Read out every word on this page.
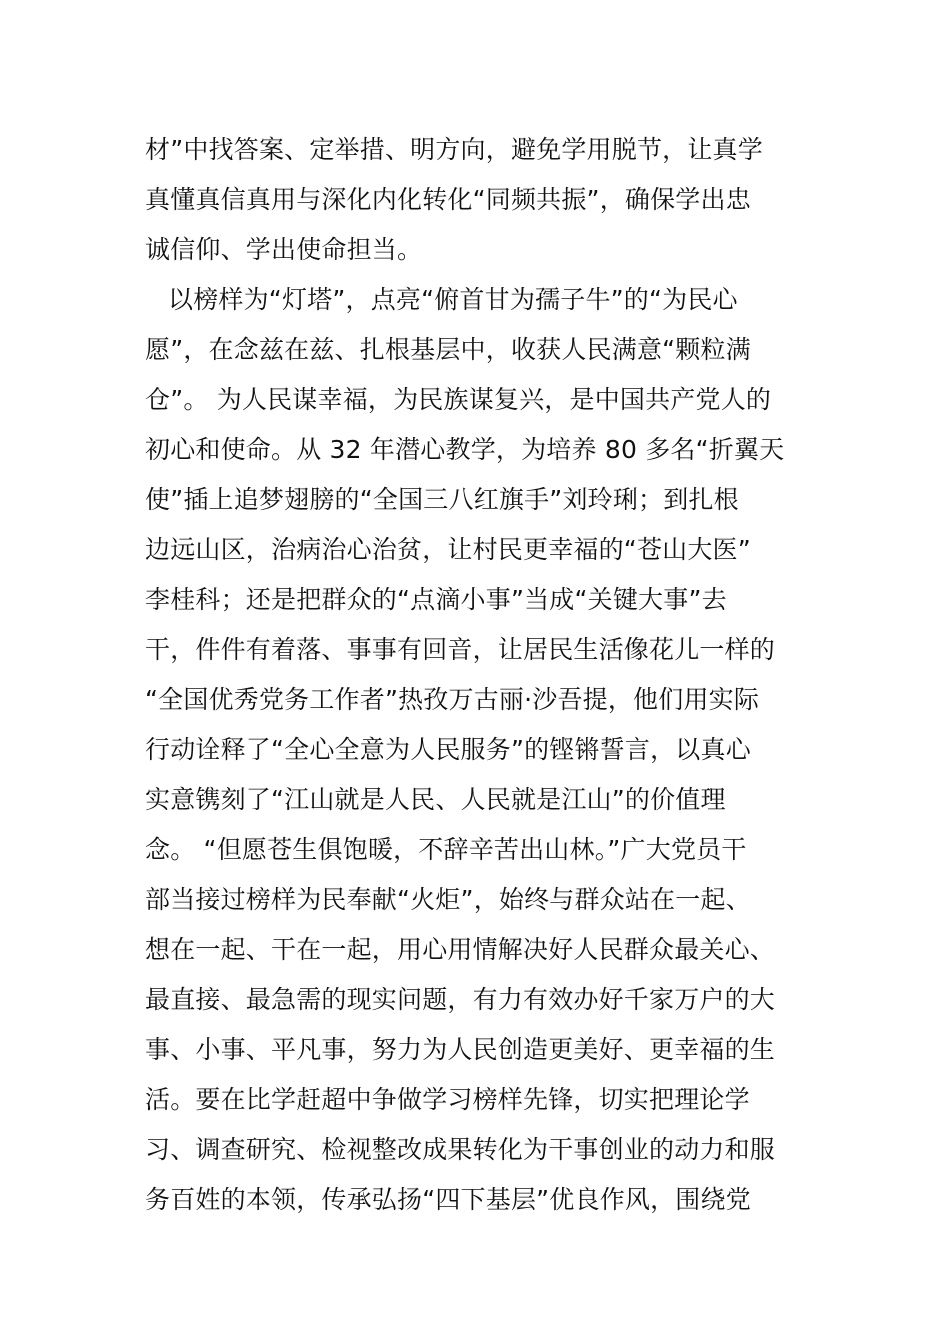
材”中找答案、定举措、明方向，避免学用脱节，让真学
真懂真信真用与深化内化转化“同频共振”，确保学出忠
诚信仰、学出使命担当。
以榜样为“灯塔”，点亮“俯首甘为孺子牛”的“为民心
愿”，在念兹在兹、扎根基层中，收获人民满意“颗粒满
仓”。 为人民谋幸福，为民族谋复兴，是中国共产党人的
初心和使命。从 32 年潜心教学，为培养 80 多名“折翼天
使”插上追梦翅膀的“全国三八红旗手”刘玲琍；到扎根
边远山区，治病治心治贫，让村民更幸福的“苍山大医”
李桂科；还是把群众的“点滴小事”当成“关键大事”去
干，件件有着落、事事有回音，让居民生活像花儿一样的
“全国优秀党务工作者”热孜万古丽·沙吾提，他们用实际
行动诠释了“全心全意为人民服务”的铿锵誓言，以真心
实意镌刻了“江山就是人民、人民就是江山”的价值理
念。 “但愿苍生俱饱暖，不辞辛苦出山林。”广大党员干
部当接过榜样为民奉献“火炬”，始终与群众站在一起、
想在一起、干在一起，用心用情解决好人民群众最关心、
最直接、最急需的现实问题，有力有效办好千家万户的大
事、小事、平凡事，努力为人民创造更美好、更幸福的生
活。要在比学赶超中争做学习榜样先锋，切实把理论学
习、调查研究、检视整改成果转化为干事创业的动力和服
务百姓的本领，传承弘扬“四下基层”优良作风，围绕党
